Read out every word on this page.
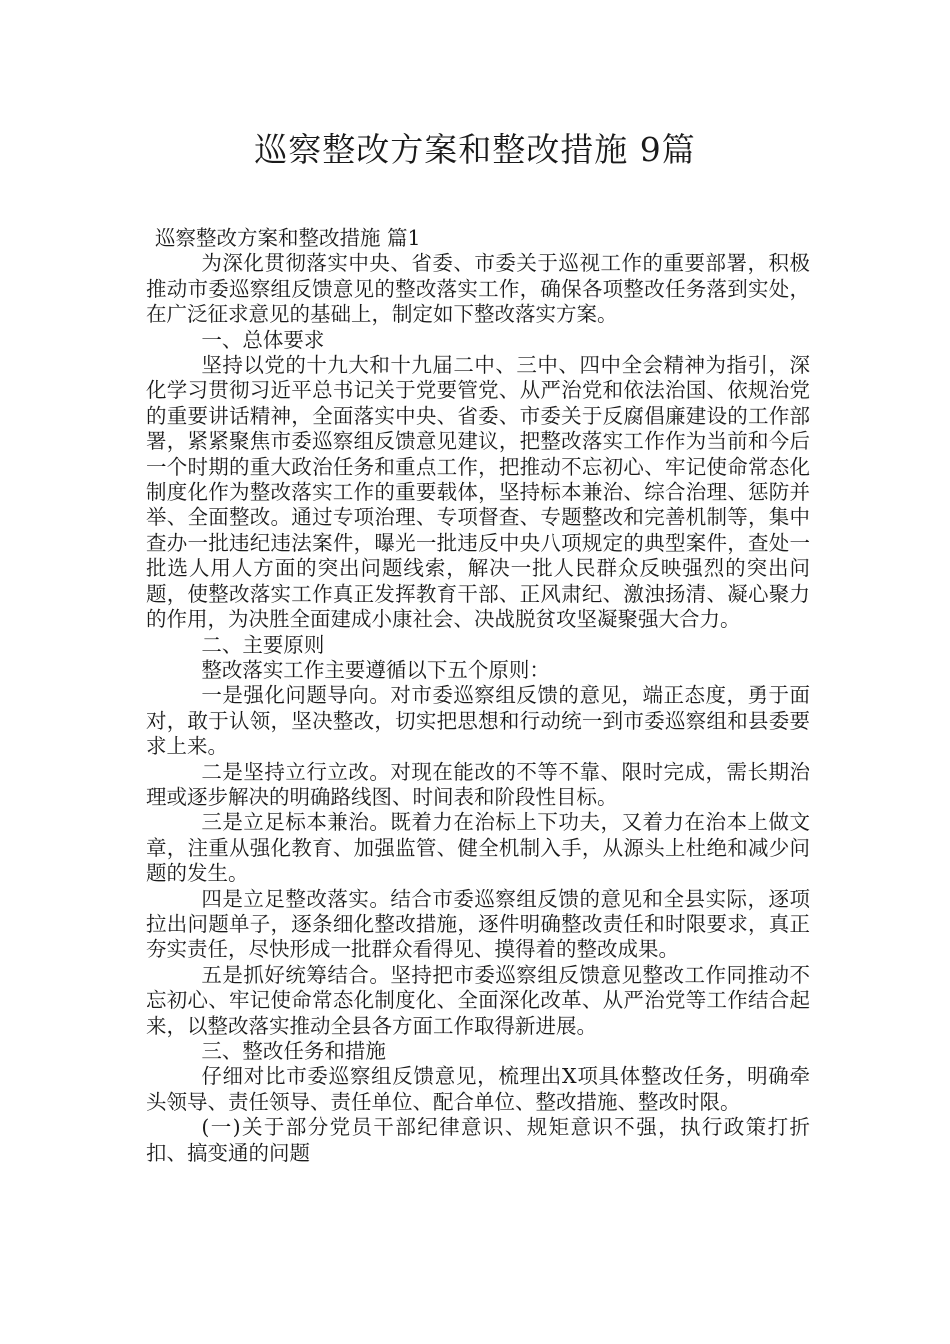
巡察整改方案和整改措施 9篇

巡察整改方案和整改措施 篇1

为深化贯彻落实中央、省委、市委关于巡视工作的重要部署，积极推动市委巡察组反馈意见的整改落实工作，确保各项整改任务落到实处，在广泛征求意见的基础上，制定如下整改落实方案。

一、总体要求

坚持以党的十九大和十九届二中、三中、四中全会精神为指引，深化学习贯彻习近平总书记关于党要管党、从严治党和依法治国、依规治党的重要讲话精神，全面落实中央、省委、市委关于反腐倡廉建设的工作部署，紧紧聚焦市委巡察组反馈意见建议，把整改落实工作作为当前和今后一个时期的重大政治任务和重点工作，把推动不忘初心、牢记使命常态化制度化作为整改落实工作的重要载体，坚持标本兼治、综合治理、惩防并举、全面整改。通过专项治理、专项督查、专题整改和完善机制等，集中查办一批违纪违法案件，曝光一批违反中央八项规定的典型案件，查处一批选人用人方面的突出问题线索，解决一批人民群众反映强烈的突出问题，使整改落实工作真正发挥教育干部、正风肃纪、激浊扬清、凝心聚力的作用，为决胜全面建成小康社会、决战脱贫攻坚凝聚强大合力。

二、主要原则

整改落实工作主要遵循以下五个原则：

一是强化问题导向。对市委巡察组反馈的意见，端正态度，勇于面对，敢于认领，坚决整改，切实把思想和行动统一到市委巡察组和县委要求上来。

二是坚持立行立改。对现在能改的不等不靠、限时完成，需长期治理或逐步解决的明确路线图、时间表和阶段性目标。

三是立足标本兼治。既着力在治标上下功夫，又着力在治本上做文章，注重从强化教育、加强监管、健全机制入手，从源头上杜绝和减少问题的发生。

四是立足整改落实。结合市委巡察组反馈的意见和全县实际，逐项拉出问题单子，逐条细化整改措施，逐件明确整改责任和时限要求，真正夯实责任，尽快形成一批群众看得见、摸得着的整改成果。

五是抓好统筹结合。坚持把市委巡察组反馈意见整改工作同推动不忘初心、牢记使命常态化制度化、全面深化改革、从严治党等工作结合起来，以整改落实推动全县各方面工作取得新进展。

三、整改任务和措施

仔细对比市委巡察组反馈意见，梳理出X项具体整改任务，明确牵头领导、责任领导、责任单位、配合单位、整改措施、整改时限。

(一)关于部分党员干部纪律意识、规矩意识不强，执行政策打折扣、搞变通的问题
